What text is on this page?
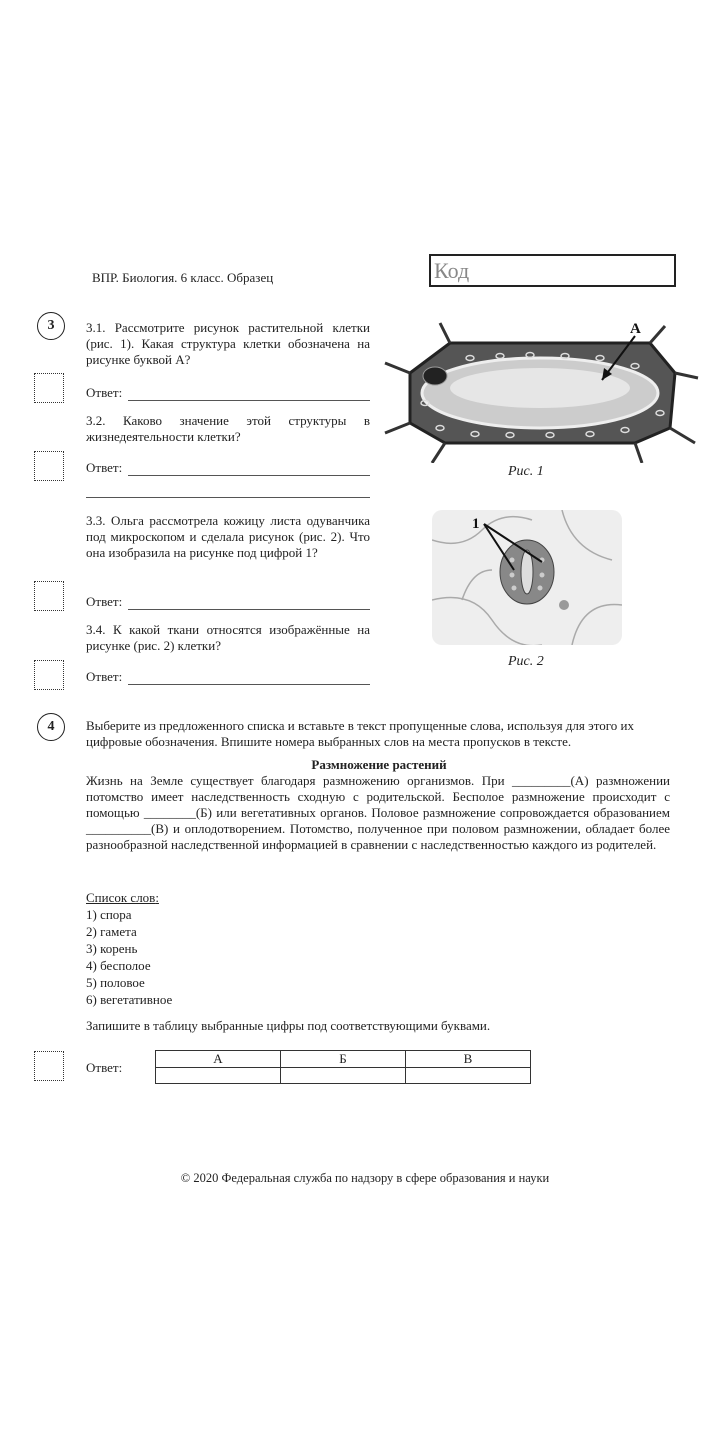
ВПР. Биология. 6 класс. Образец	Код
3	3.1. Рассмотрите рисунок растительной клетки (рис. 1). Какая структура клетки обозначена на рисунке буквой А?
Ответ:
3.2. Каково значение этой структуры в жизнедеятельности клетки?
Ответ:
3.3. Ольга рассмотрела кожицу листа одуванчика под микроскопом и сделала рисунок (рис. 2). Что она изобразила на рисунке под цифрой 1?
Ответ:
3.4. К какой ткани относятся изображённые на рисунке (рис. 2) клетки?
Ответ:
А
Рис. 1
1
Рис. 2
4	Выберите из предложенного списка и вставьте в текст пропущенные слова, используя для этого их цифровые обозначения. Впишите номера выбранных слов на места пропусков в тексте.
Размножение растений
Жизнь на Земле существует благодаря размножению организмов. При _________(А) размножении потомство имеет наследственность сходную с родительской. Бесполое размножение происходит с помощью ________(Б) или вегетативных органов. Половое размножение сопровождается образованием __________(В) и оплодотворением. Потомство, полученное при половом размножении, обладает более разнообразной наследственной информацией в сравнении с наследственностью каждого из родителей.
Список слов:
1) спора
2) гамета
3) корень
4) бесполое
5) половое
6) вегетативное
Запишите в таблицу выбранные цифры под соответствующими буквами.
Ответ:
А	Б	В

© 2020 Федеральная служба по надзору в сфере образования и науки
